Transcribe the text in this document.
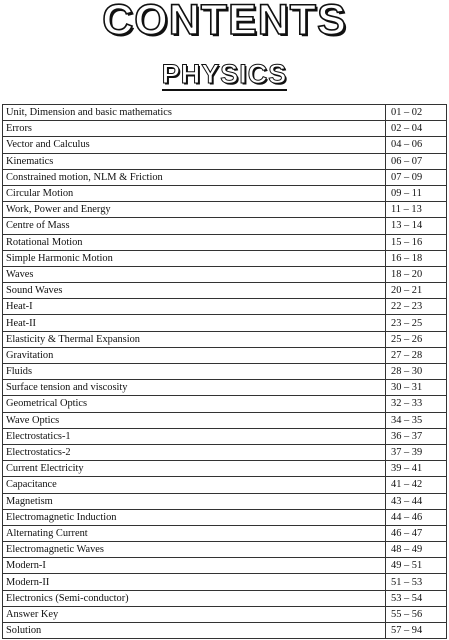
CONTENTS
PHYSICS
Unit, Dimension and basic mathematics	01 – 02
Errors	02 – 04
Vector and Calculus	04 – 06
Kinematics	06 – 07
Constrained motion, NLM & Friction	07 – 09
Circular Motion	09 – 11
Work, Power and Energy	11 – 13
Centre of Mass	13 – 14
Rotational Motion	15 – 16
Simple Harmonic Motion	16 – 18
Waves	18 – 20
Sound Waves	20 – 21
Heat-I	22 – 23
Heat-II	23 – 25
Elasticity & Thermal Expansion	25 – 26
Gravitation	27 – 28
Fluids	28 – 30
Surface tension and viscosity	30 – 31
Geometrical Optics	32 – 33
Wave Optics	34 – 35
Electrostatics-1	36 – 37
Electrostatics-2	37 – 39
Current Electricity	39 – 41
Capacitance	41 – 42
Magnetism	43 – 44
Electromagnetic Induction	44 – 46
Alternating Current	46 – 47
Electromagnetic Waves	48 – 49
Modern-I	49 – 51
Modern-II	51 – 53
Electronics (Semi-conductor)	53 – 54
Answer Key	55 – 56
Solution	57 – 94
